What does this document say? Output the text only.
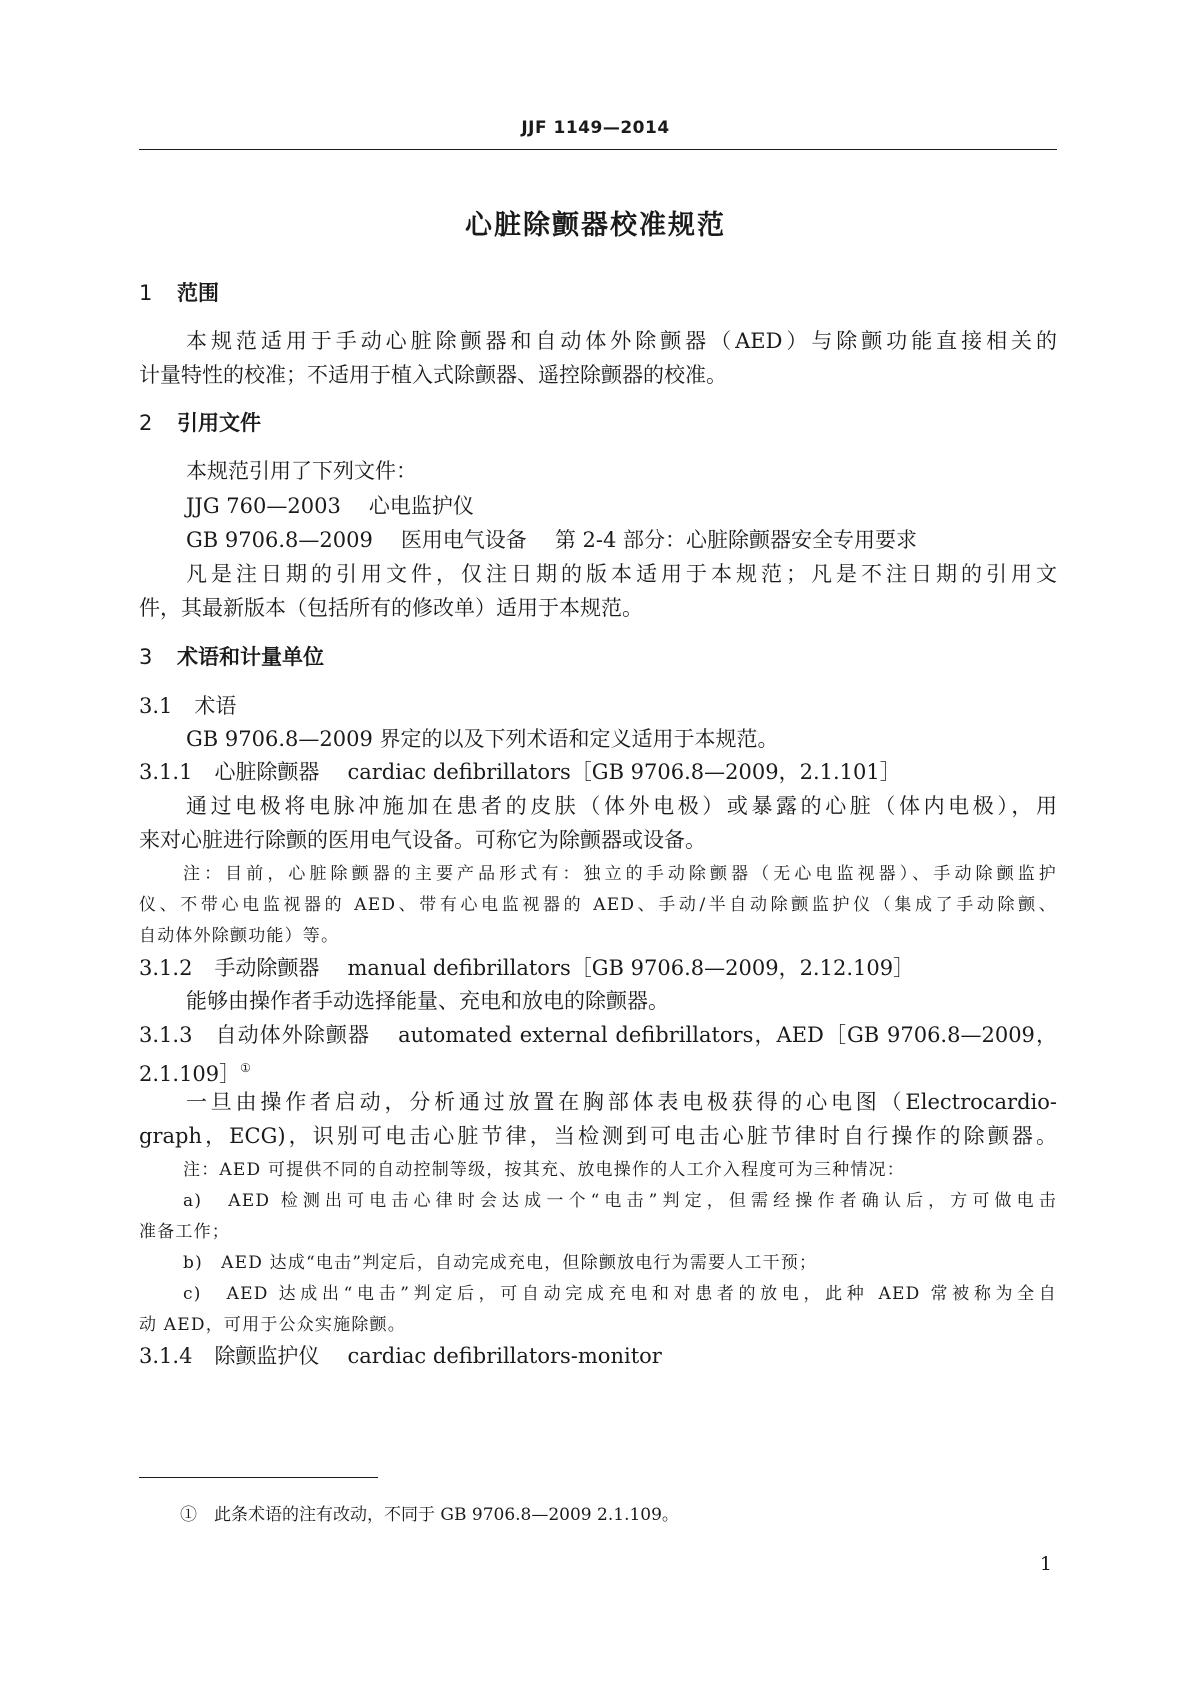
JJF 1149—2014
心脏除颤器校准规范
1 范围
本规范适用于手动心脏除颤器和自动体外除颤器（AED）与除颤功能直接相关的
计量特性的校准；不适用于植入式除颤器、遥控除颤器的校准。
2 引用文件
本规范引用了下列文件：
JJG 760—2003 心电监护仪
GB 9706.8—2009 医用电气设备 第 2-4 部分：心脏除颤器安全专用要求
凡是注日期的引用文件，仅注日期的版本适用于本规范；凡是不注日期的引用文
件，其最新版本（包括所有的修改单）适用于本规范。
3 术语和计量单位
3.1 术语
GB 9706.8—2009 界定的以及下列术语和定义适用于本规范。
3.1.1 心脏除颤器 cardiac defibrillators［GB 9706.8—2009，2.1.101］
通过电极将电脉冲施加在患者的皮肤（体外电极）或暴露的心脏（体内电极），用
来对心脏进行除颤的医用电气设备。可称它为除颤器或设备。
注：目前，心脏除颤器的主要产品形式有：独立的手动除颤器（无心电监视器）、手动除颤监护
仪、不带心电监视器的 AED、带有心电监视器的 AED、手动/半自动除颤监护仪（集成了手动除颤、
自动体外除颤功能）等。
3.1.2 手动除颤器 manual defibrillators［GB 9706.8—2009，2.12.109］
能够由操作者手动选择能量、充电和放电的除颤器。
3.1.3 自动体外除颤器 automated external defibrillators，AED［GB 9706.8—2009，
2.1.109］①
一旦由操作者启动，分析通过放置在胸部体表电极获得的心电图（Electrocardio-
graph，ECG)，识别可电击心脏节律，当检测到可电击心脏节律时自行操作的除颤器。
注：AED 可提供不同的自动控制等级，按其充、放电操作的人工介入程度可为三种情况：
a)　AED 检测出可电击心律时会达成一个“电击”判定，但需经操作者确认后，方可做电击
准备工作；
b)　AED 达成“电击”判定后，自动完成充电，但除颤放电行为需要人工干预；
c)　AED 达成出“电击”判定后，可自动完成充电和对患者的放电，此种 AED 常被称为全自
动 AED，可用于公众实施除颤。
3.1.4 除颤监护仪 cardiac defibrillators-monitor
①　此条术语的注有改动，不同于 GB 9706.8—2009 2.1.109。
1
